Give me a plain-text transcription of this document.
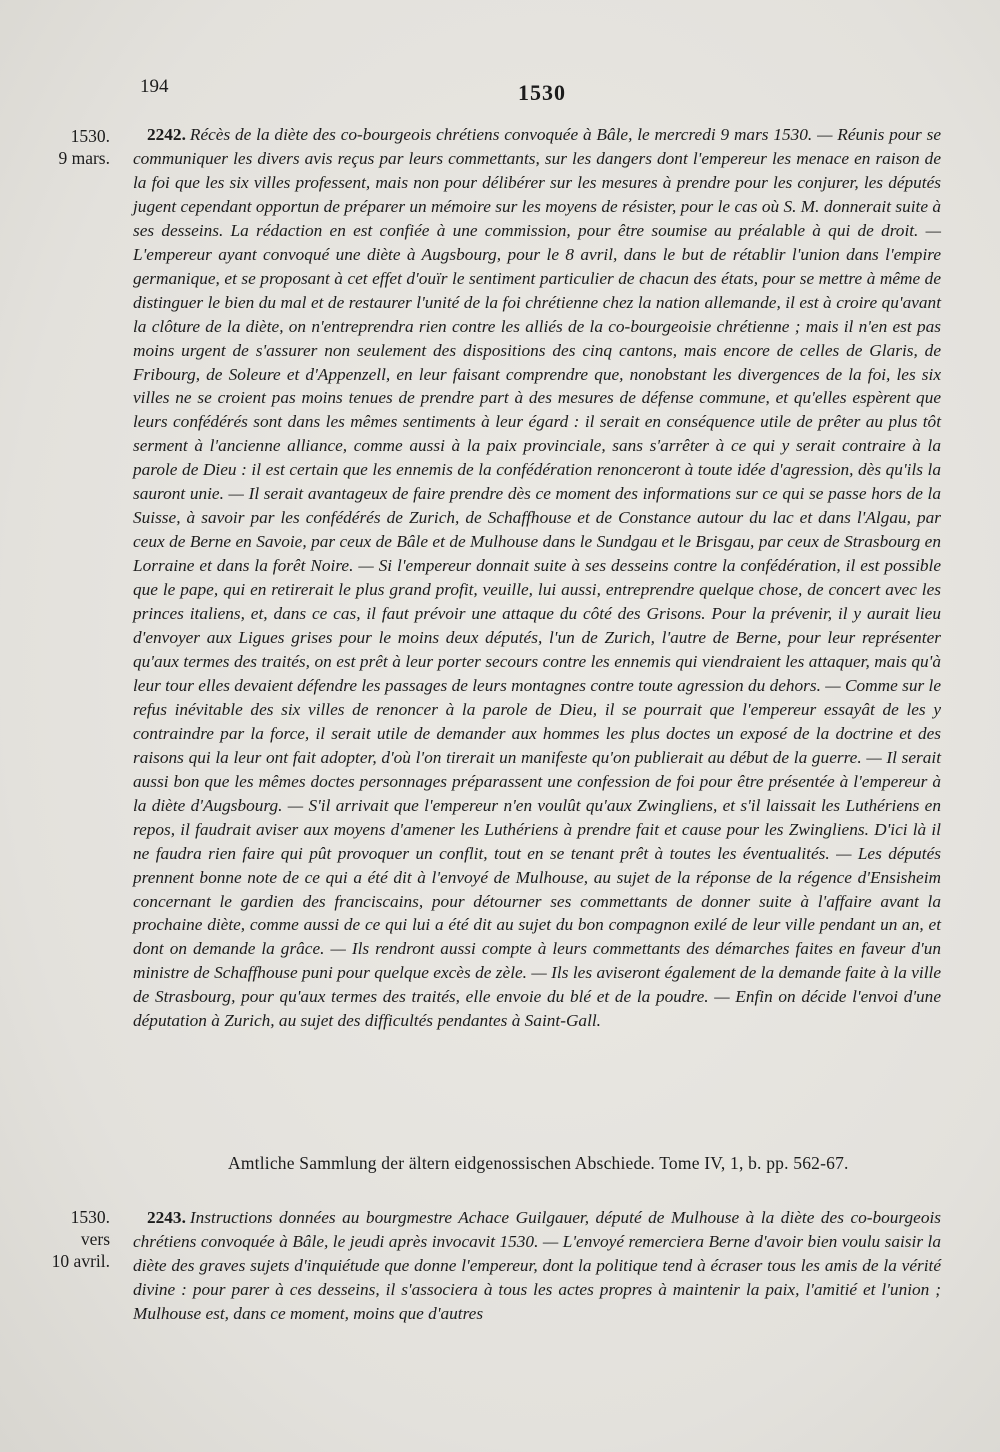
194	1530
1530.
9 mars.
2242. Récès de la diète des co-bourgeois chrétiens convoquée à Bâle, le mercredi 9 mars 1530. — Réunis pour se communiquer les divers avis reçus par leurs commettants, sur les dangers dont l'empereur les menace en raison de la foi que les six villes professent, mais non pour délibérer sur les mesures à prendre pour les conjurer, les députés jugent cependant opportun de préparer un mémoire sur les moyens de résister, pour le cas où S. M. donnerait suite à ses desseins. La rédaction en est confiée à une commission, pour être soumise au préalable à qui de droit. — L'empereur ayant convoqué une diète à Augsbourg, pour le 8 avril, dans le but de rétablir l'union dans l'empire germanique, et se proposant à cet effet d'ouïr le sentiment particulier de chacun des états, pour se mettre à même de distinguer le bien du mal et de restaurer l'unité de la foi chrétienne chez la nation allemande, il est à croire qu'avant la clôture de la diète, on n'entreprendra rien contre les alliés de la co-bourgeoisie chrétienne ; mais il n'en est pas moins urgent de s'assurer non seulement des dispositions des cinq cantons, mais encore de celles de Glaris, de Fribourg, de Soleure et d'Appenzell, en leur faisant comprendre que, nonobstant les divergences de la foi, les six villes ne se croient pas moins tenues de prendre part à des mesures de défense commune, et qu'elles espèrent que leurs confédérés sont dans les mêmes sentiments à leur égard : il serait en conséquence utile de prêter au plus tôt serment à l'ancienne alliance, comme aussi à la paix provinciale, sans s'arrêter à ce qui y serait contraire à la parole de Dieu : il est certain que les ennemis de la confédération renonceront à toute idée d'agression, dès qu'ils la sauront unie. — Il serait avantageux de faire prendre dès ce moment des informations sur ce qui se passe hors de la Suisse, à savoir par les confédérés de Zurich, de Schaffhouse et de Constance autour du lac et dans l'Algau, par ceux de Berne en Savoie, par ceux de Bâle et de Mulhouse dans le Sundgau et le Brisgau, par ceux de Strasbourg en Lorraine et dans la forêt Noire. — Si l'empereur donnait suite à ses desseins contre la confédération, il est possible que le pape, qui en retirerait le plus grand profit, veuille, lui aussi, entreprendre quelque chose, de concert avec les princes italiens, et, dans ce cas, il faut prévoir une attaque du côté des Grisons. Pour la prévenir, il y aurait lieu d'envoyer aux Ligues grises pour le moins deux députés, l'un de Zurich, l'autre de Berne, pour leur représenter qu'aux termes des traités, on est prêt à leur porter secours contre les ennemis qui viendraient les attaquer, mais qu'à leur tour elles devaient défendre les passages de leurs montagnes contre toute agression du dehors. — Comme sur le refus inévitable des six villes de renoncer à la parole de Dieu, il se pourrait que l'empereur essayât de les y contraindre par la force, il serait utile de demander aux hommes les plus doctes un exposé de la doctrine et des raisons qui la leur ont fait adopter, d'où l'on tirerait un manifeste qu'on publierait au début de la guerre. — Il serait aussi bon que les mêmes doctes personnages préparassent une confession de foi pour être présentée à l'empereur à la diète d'Augsbourg. — S'il arrivait que l'empereur n'en voulût qu'aux Zwingliens, et s'il laissait les Luthériens en repos, il faudrait aviser aux moyens d'amener les Luthériens à prendre fait et cause pour les Zwingliens. D'ici là il ne faudra rien faire qui pût provoquer un conflit, tout en se tenant prêt à toutes les éventualités. — Les députés prennent bonne note de ce qui a été dit à l'envoyé de Mulhouse, au sujet de la réponse de la régence d'Ensisheim concernant le gardien des franciscains, pour détourner ses commettants de donner suite à l'affaire avant la prochaine diète, comme aussi de ce qui lui a été dit au sujet du bon compagnon exilé de leur ville pendant un an, et dont on demande la grâce. — Ils rendront aussi compte à leurs commettants des démarches faites en faveur d'un ministre de Schaffhouse puni pour quelque excès de zèle. — Ils les aviseront également de la demande faite à la ville de Strasbourg, pour qu'aux termes des traités, elle envoie du blé et de la poudre. — Enfin on décide l'envoi d'une députation à Zurich, au sujet des difficultés pendantes à Saint-Gall.
Amtliche Sammlung der ältern eidgenossischen Abschiede. Tome IV, 1, b. pp. 562-67.
1530.
vers
10 avril.
2243. Instructions données au bourgmestre Achace Guilgauer, député de Mulhouse à la diète des co-bourgeois chrétiens convoquée à Bâle, le jeudi après invocavit 1530. — L'envoyé remerciera Berne d'avoir bien voulu saisir la diète des graves sujets d'inquiétude que donne l'empereur, dont la politique tend à écraser tous les amis de la vérité divine : pour parer à ces desseins, il s'associera à tous les actes propres à maintenir la paix, l'amitié et l'union ; Mulhouse est, dans ce moment, moins que d'autres
